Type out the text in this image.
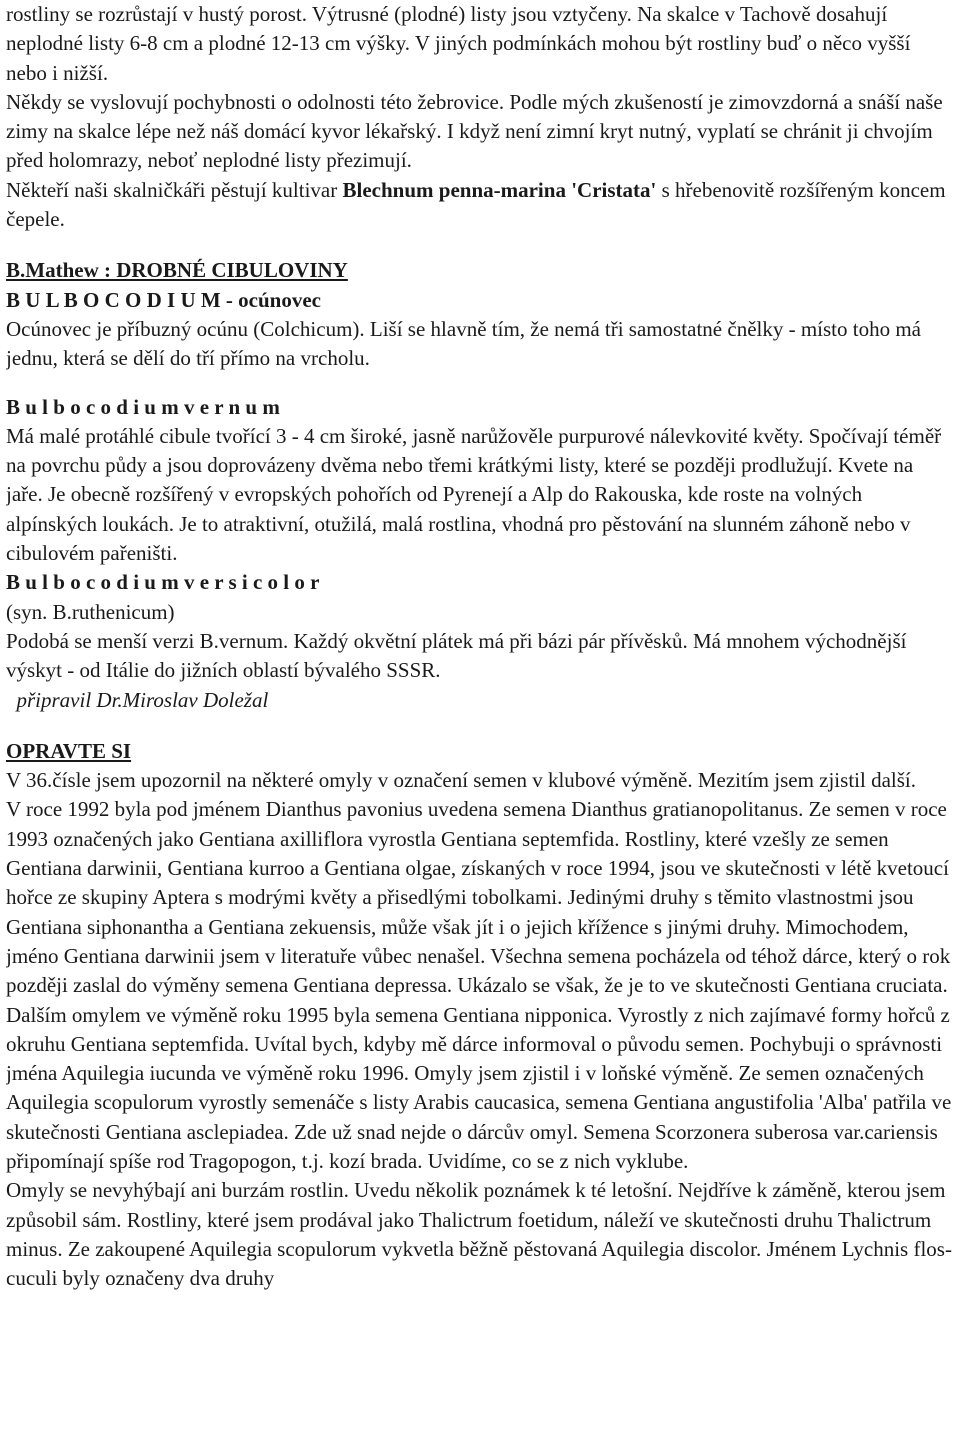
rostliny se rozrůstají v hustý porost. Výtrusné (plodné) listy jsou vztyčeny. Na skalce v Tachově dosahují neplodné listy 6-8 cm a plodné 12-13 cm výšky. V jiných podmínkách mohou být rostliny buď o něco vyšší nebo i nižší.

Někdy se vyslovují pochybnosti o odolnosti této žebrovice. Podle mých zkušeností je zimovzdorná a snáší naše zimy na skalce lépe než náš domácí kyvor lékařský. I když není zimní kryt nutný, vyplatí se chránit ji chvojím před holomrazy, neboť neplodné listy přezimují.

Někteří naši skalničkáři pěstují kultivar Blechnum penna-marina 'Cristata' s hřebenovitě rozšířeným koncem čepele.

B.Mathew : DROBNÉ CIBULOVINY

B U L B O C O D I U M - ocúnovec

Ocúnovec je příbuzný ocúnu (Colchicum). Liší se hlavně tím, že nemá tři samostatné čnělky - místo toho má jednu, která se dělí do tří přímo na vrcholu.

B u l b o c o d i u m v e r n u m

Má malé protáhlé cibule tvořící 3 - 4 cm široké, jasně narůžověle purpurové nálevkovité květy. Spočívají téměř na povrchu půdy a jsou doprovázeny dvěma nebo třemi krátkými listy, které se později prodlužují. Kvete na jaře. Je obecně rozšířený v evropských pohořích od Pyrenejí a Alp do Rakouska, kde roste na volných alpínských loukách. Je to atraktivní, otužilá, malá rostlina, vhodná pro pěstování na slunném záhoně nebo v cibulovém pařeništi.

B u l b o c o d i u m v e r s i c o l o r

(syn. B.ruthenicum)

Podobá se menší verzi B.vernum. Každý okvětní plátek má při bázi pár přívěsků. Má mnohem východnější výskyt - od Itálie do jižních oblastí bývalého SSSR.

připravil Dr.Miroslav Doležal

OPRAVTE SI

V 36.čísle jsem upozornil na některé omyly v označení semen v klubové výměně. Mezitím jsem zjistil další.

V roce 1992 byla pod jménem Dianthus pavonius uvedena semena Dianthus gratianopolitanus. Ze semen v roce 1993 označených jako Gentiana axilliflora vyrostla Gentiana septemfida. Rostliny, které vzešly ze semen Gentiana darwinii, Gentiana kurroo a Gentiana olgae, získaných v roce 1994, jsou ve skutečnosti v létě kvetoucí hořce ze skupiny Aptera s modrými květy a přisedlými tobolkami. Jedinými druhy s těmito vlastnostmi jsou Gentiana siphonantha a Gentiana zekuensis, může však jít i o jejich křížence s jinými druhy. Mimochodem, jméno Gentiana darwinii jsem v literatuře vůbec nenašel. Všechna semena pocházela od téhož dárce, který o rok později zaslal do výměny semena Gentiana depressa. Ukázalo se však, že je to ve skutečnosti Gentiana cruciata. Dalším omylem ve výměně roku 1995 byla semena Gentiana nipponica. Vyrostly z nich zajímavé formy hořců z okruhu Gentiana septemfida. Uvítal bych, kdyby mě dárce informoval o původu semen. Pochybuji o správnosti jména Aquilegia iucunda ve výměně roku 1996. Omyly jsem zjistil i v loňské výměně. Ze semen označených Aquilegia scopulorum vyrostly semenáče s listy Arabis caucasica, semena Gentiana angustifolia 'Alba' patřila ve skutečnosti Gentiana asclepiadea. Zde už snad nejde o dárcův omyl. Semena Scorzonera suberosa var.cariensis připomínají spíše rod Tragopogon, t.j. kozí brada. Uvidíme, co se z nich vyklube.

Omyly se nevyhýbají ani burzám rostlin. Uvedu několik poznámek k té letošní. Nejdříve k záměně, kterou jsem způsobil sám. Rostliny, které jsem prodával jako Thalictrum foetidum, náleží ve skutečnosti druhu Thalictrum minus. Ze zakoupené Aquilegia scopulorum vykvetla běžně pěstovaná Aquilegia discolor. Jménem Lychnis flos-cuculi byly označeny dva druhy
